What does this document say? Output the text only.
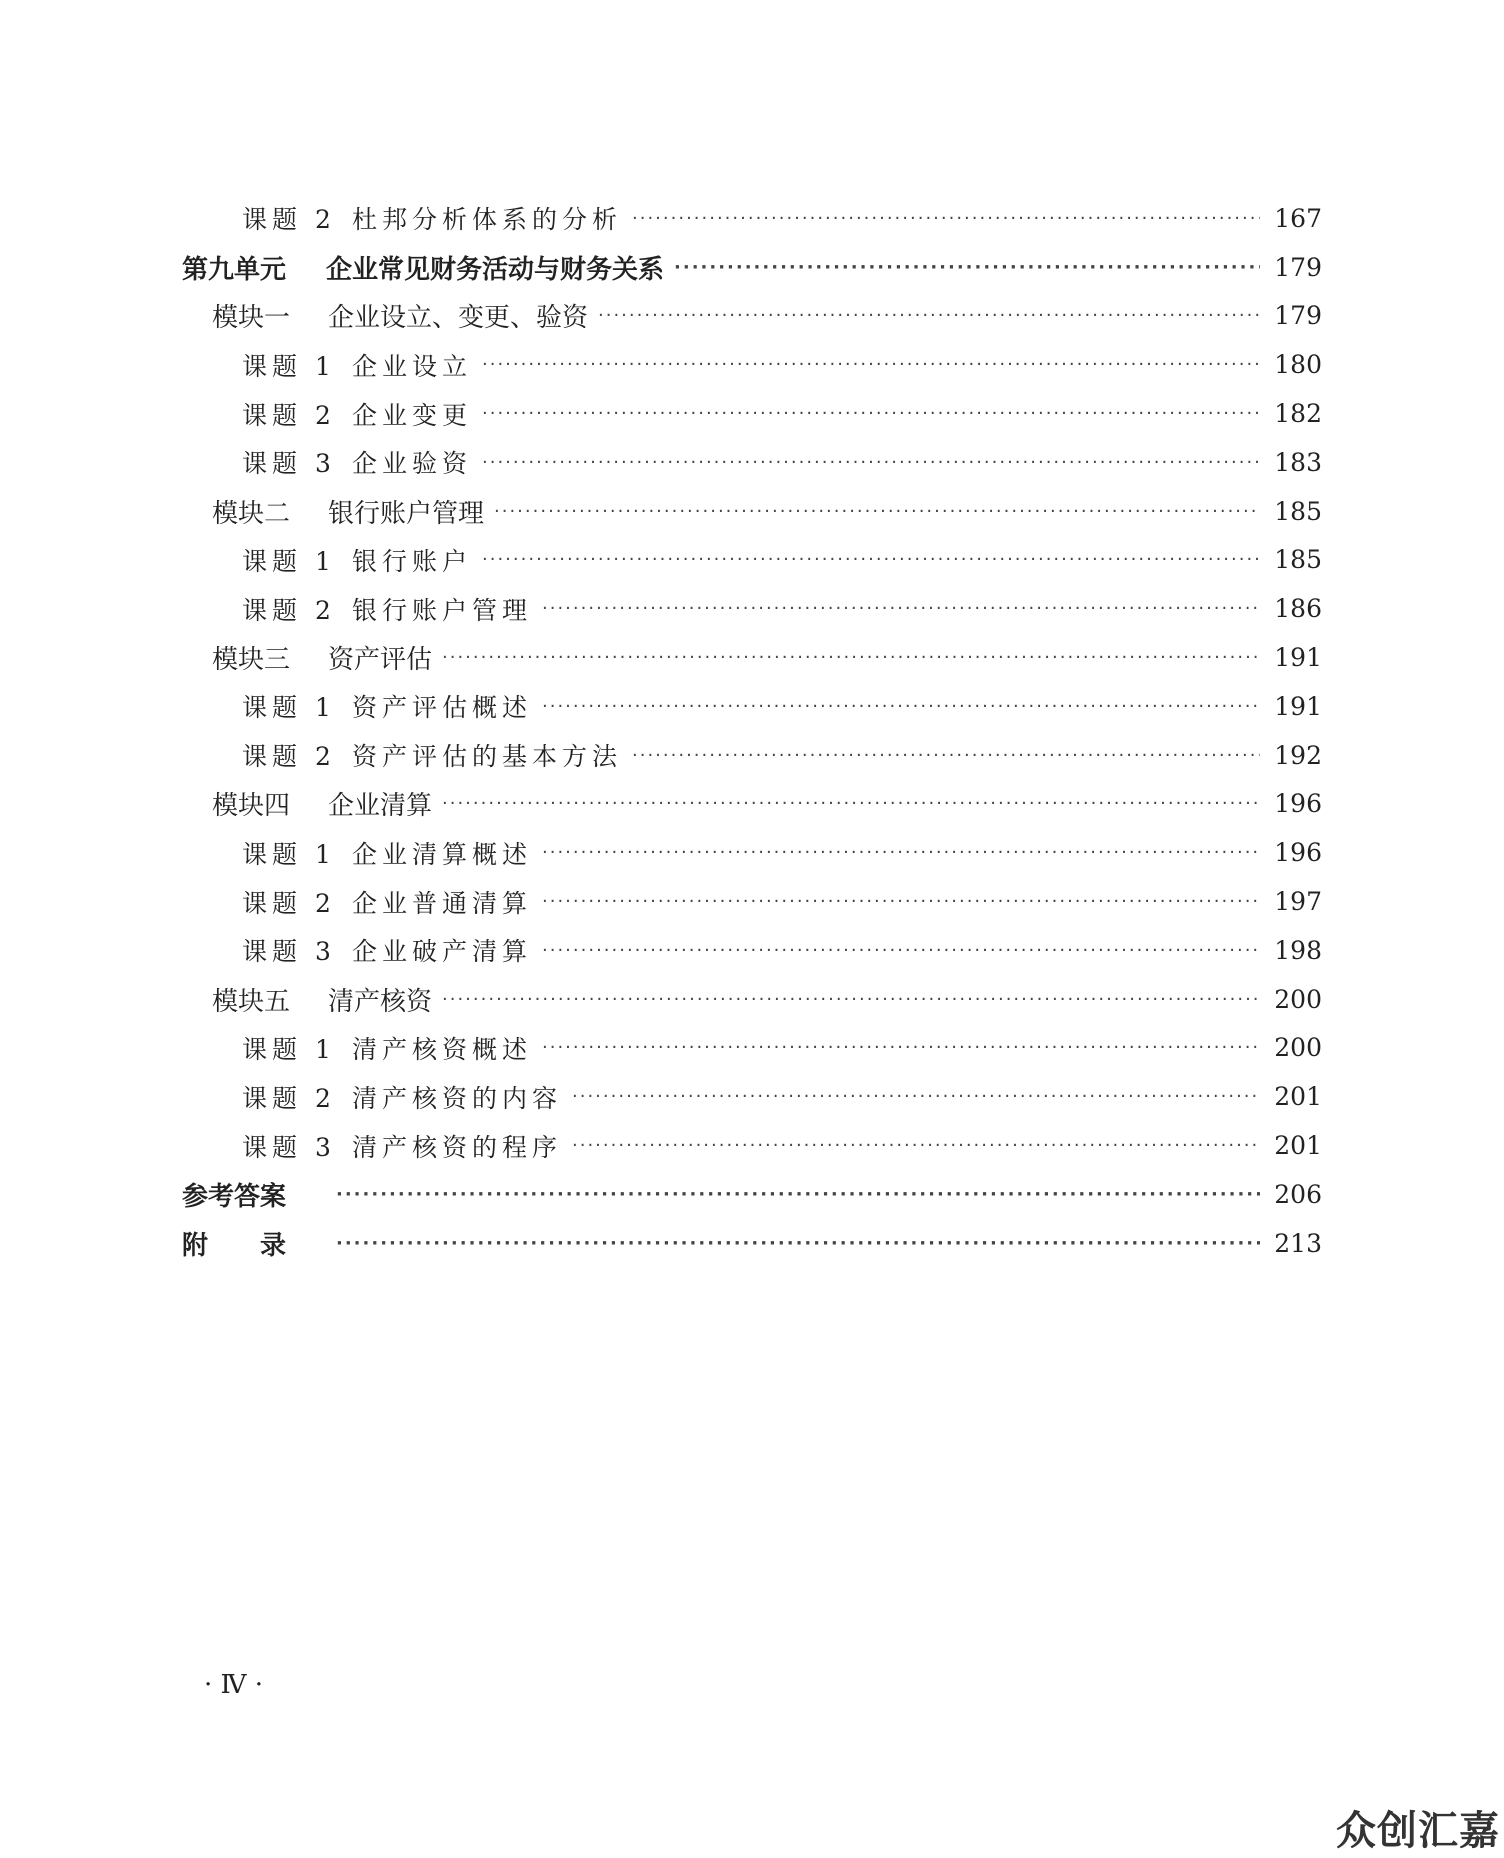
课题 2 杜邦分析体系的分析 ·····	167
第九单元	企业常见财务活动与财务关系 ·····	179
模块一	企业设立、变更、验资 ·····	179
课题 1 企业设立 ·····	180
课题 2 企业变更 ·····	182
课题 3 企业验资 ·····	183
模块二	银行账户管理 ·····	185
课题 1 银行账户 ·····	185
课题 2 银行账户管理 ·····	186
模块三	资产评估 ·····	191
课题 1 资产评估概述 ·····	191
课题 2 资产评估的基本方法 ·····	192
模块四	企业清算 ·····	196
课题 1 企业清算概述 ·····	196
课题 2 企业普通清算 ·····	197
课题 3 企业破产清算 ·····	198
模块五	清产核资 ·····	200
课题 1 清产核资概述 ·····	200
课题 2 清产核资的内容 ·····	201
课题 3 清产核资的程序 ·····	201
参考答案 ·····	206
附录 ·····	213
· Ⅳ ·
众创汇嘉
